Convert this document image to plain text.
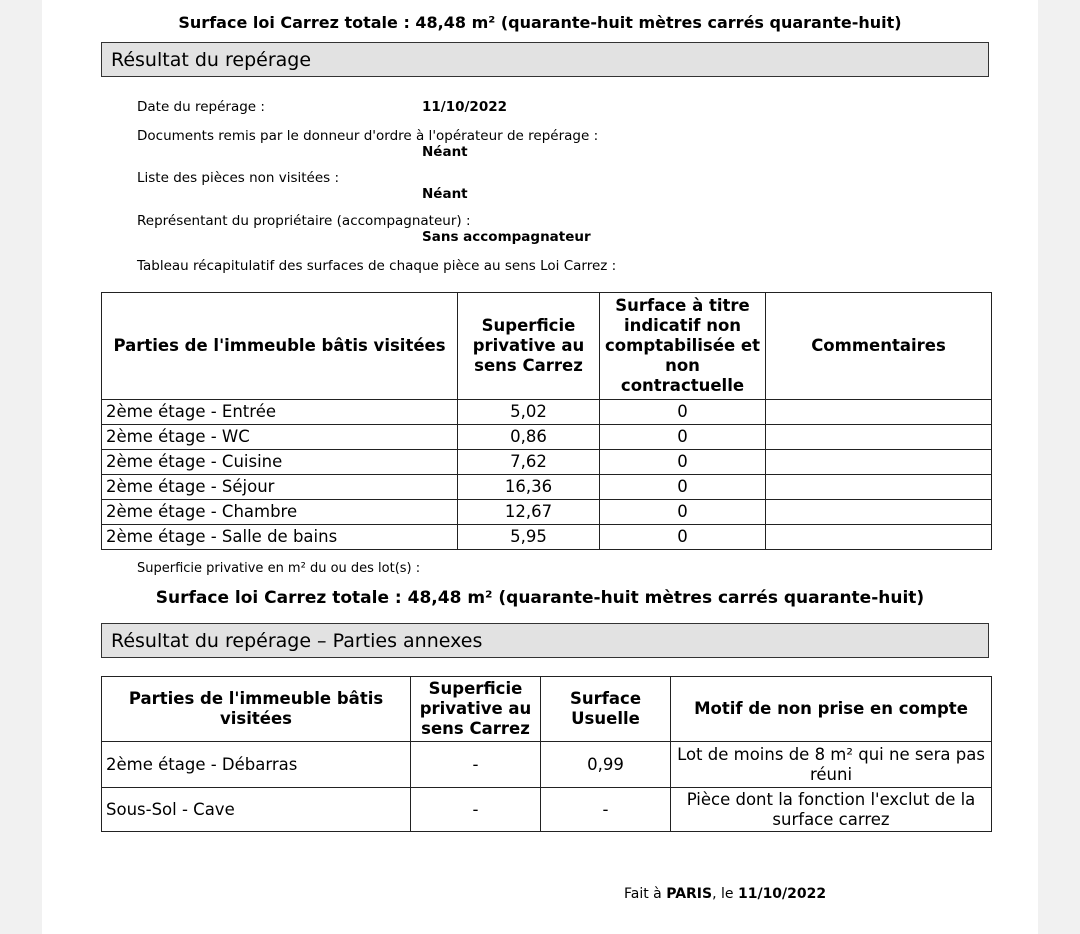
Surface loi Carrez totale : 48,48 m² (quarante-huit mètres carrés quarante-huit)
Résultat du repérage
Date du repérage :	11/10/2022
Documents remis par le donneur d'ordre à l'opérateur de repérage :
Néant
Liste des pièces non visitées :
Néant
Représentant du propriétaire (accompagnateur) :
Sans accompagnateur
Tableau récapitulatif des surfaces de chaque pièce au sens Loi Carrez :
Parties de l'immeuble bâtis visitées	Superficie privative au sens Carrez	Surface à titre indicatif non comptabilisée et non contractuelle	Commentaires
2ème étage - Entrée	5,02	0	
2ème étage - WC	0,86	0	
2ème étage - Cuisine	7,62	0	
2ème étage - Séjour	16,36	0	
2ème étage - Chambre	12,67	0	
2ème étage - Salle de bains	5,95	0	
Superficie privative en m² du ou des lot(s) :
Surface loi Carrez totale : 48,48 m² (quarante-huit mètres carrés quarante-huit)
Résultat du repérage – Parties annexes
Parties de l'immeuble bâtis visitées	Superficie privative au sens Carrez	Surface Usuelle	Motif de non prise en compte
2ème étage - Débarras	-	0,99	Lot de moins de 8 m² qui ne sera pas réuni
Sous-Sol - Cave	-	-	Pièce dont la fonction l'exclut de la surface carrez
Fait à PARIS, le 11/10/2022
